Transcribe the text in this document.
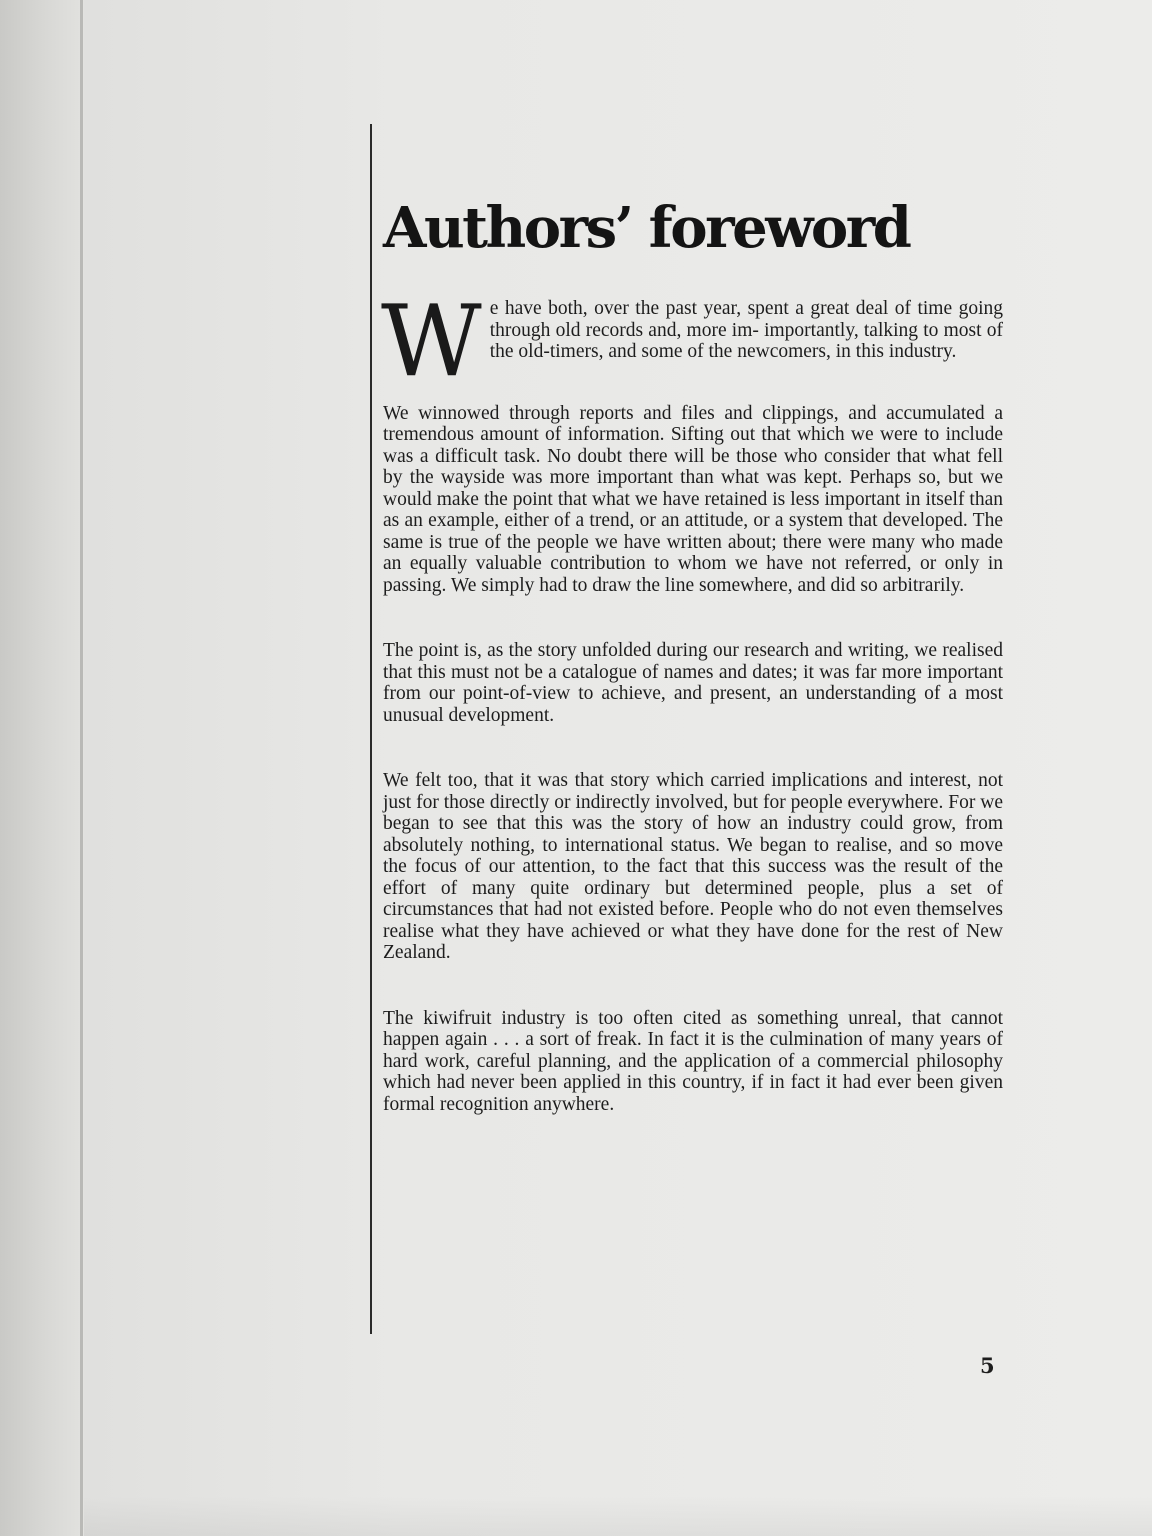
Authors’ foreword

We have both, over the past year, spent a great deal of time going through old records and, more im- importantly, talking to most of the old-timers, and some of the newcomers, in this industry.

We winnowed through reports and files and clippings, and accumulated a tremendous amount of information. Sifting out that which we were to include was a difficult task. No doubt there will be those who consider that what fell by the wayside was more important than what was kept. Perhaps so, but we would make the point that what we have retained is less important in itself than as an example, either of a trend, or an attitude, or a system that developed. The same is true of the people we have written about; there were many who made an equally valuable contribution to whom we have not referred, or only in passing. We simply had to draw the line somewhere, and did so arbitrarily.

The point is, as the story unfolded during our research and writing, we realised that this must not be a catalogue of names and dates; it was far more important from our point-of-view to achieve, and present, an understanding of a most unusual development.

We felt too, that it was that story which carried implications and interest, not just for those directly or indirectly involved, but for people everywhere. For we began to see that this was the story of how an industry could grow, from absolutely nothing, to international status. We began to realise, and so move the focus of our attention, to the fact that this success was the result of the effort of many quite ordinary but determined people, plus a set of circumstances that had not existed before. People who do not even themselves realise what they have achieved or what they have done for the rest of New Zealand.

The kiwifruit industry is too often cited as something unreal, that cannot happen again . . . a sort of freak. In fact it is the culmination of many years of hard work, careful planning, and the application of a commercial philosophy which had never been applied in this country, if in fact it had ever been given formal recognition anywhere.

5
